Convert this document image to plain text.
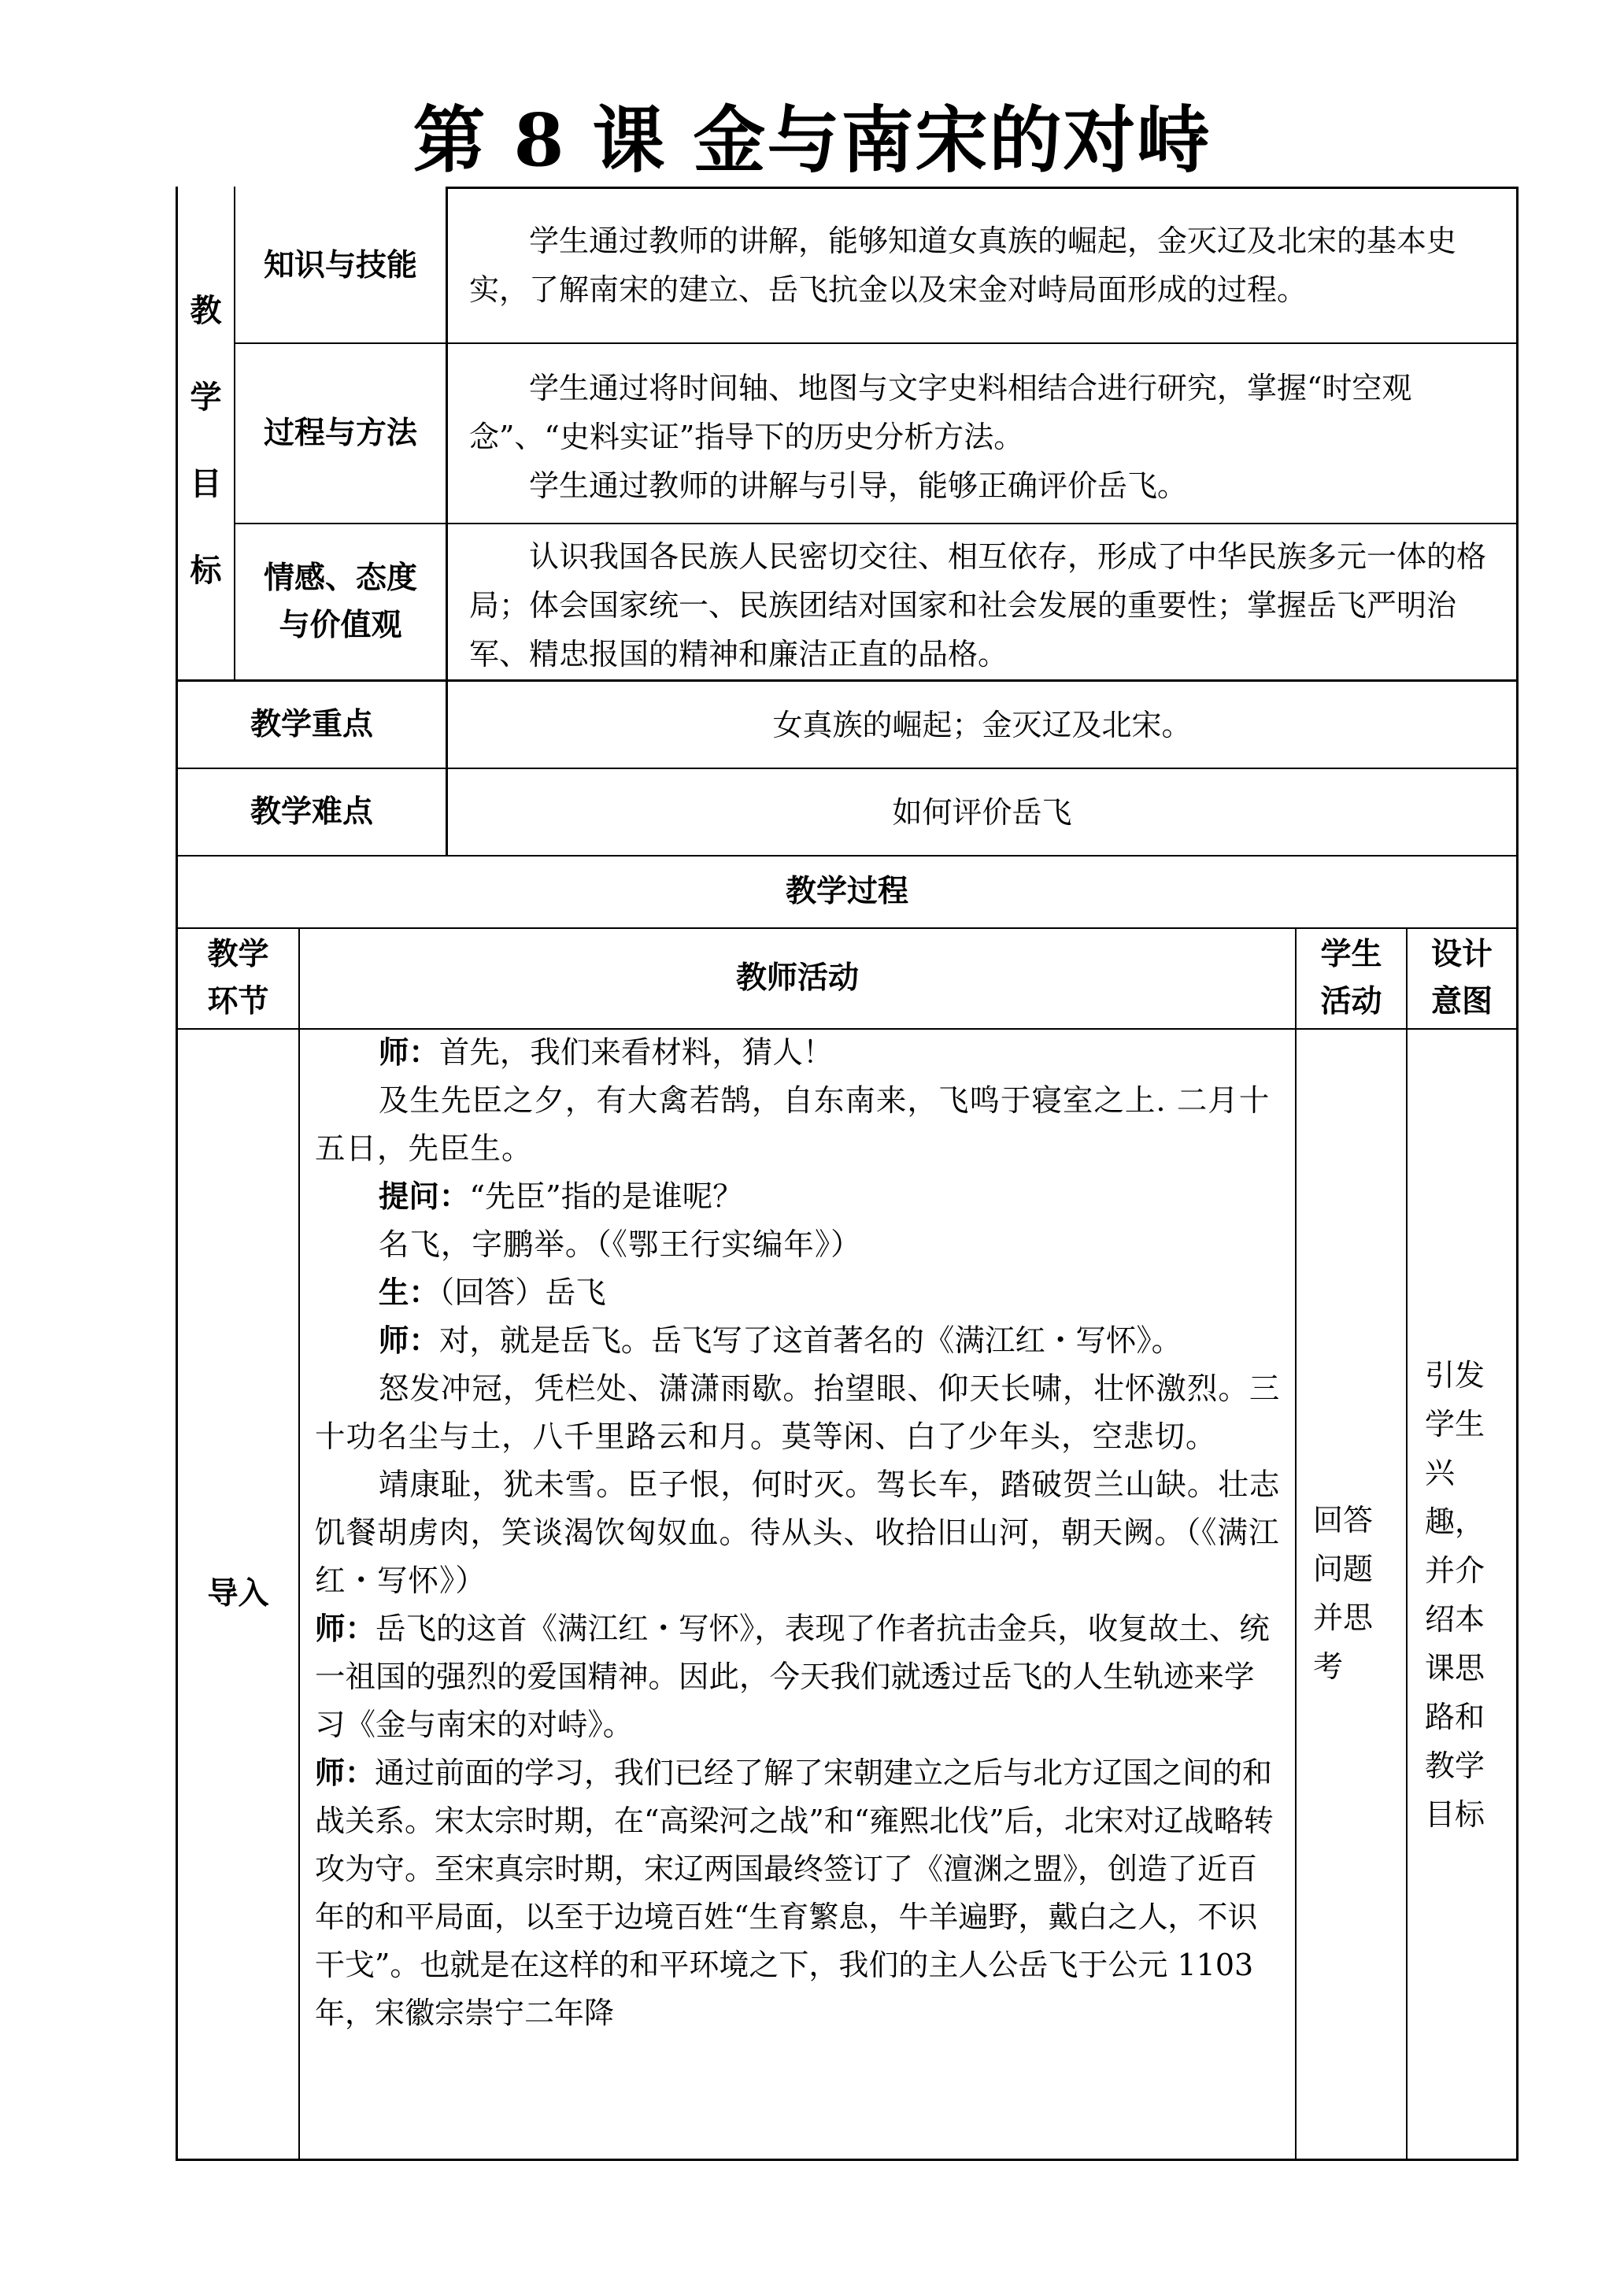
第 8 课 金与南宋的对峙
教
学
目
标
知识与技能

学生通过教师的讲解，能够知道女真族的崛起，金灭辽及北宋的基本史实，了解南宋的建立、岳飞抗金以及宋金对峙局面形成的过程。

过程与方法

学生通过将时间轴、地图与文字史料相结合进行研究，掌握“时空观念”、“史料实证”指导下的历史分析方法。

学生通过教师的讲解与引导，能够正确评价岳飞。

情感、态度
与价值观

认识我国各民族人民密切交往、相互依存，形成了中华民族多元一体的格局；体会国家统一、民族团结对国家和社会发展的重要性；掌握岳飞严明治军、精忠报国的精神和廉洁正直的品格。

教学重点	女真族的崛起；金灭辽及北宋。
教学难点	如何评价岳飞
教学过程
教学
环节
教师活动
学生
活动
设计
意图
导入

师：首先，我们来看材料，猜人！

及生先臣之夕，有大禽若鹄，自东南来，飞鸣于寝室之上. 二月十五日，先臣生。

提问：“先臣”指的是谁呢？

名飞，字鹏举。（《鄂王行实编年》）

生：（回答）岳飞

师：对，就是岳飞。岳飞写了这首著名的《满江红・写怀》。

怒发冲冠，凭栏处、潇潇雨歇。抬望眼、仰天长啸，壮怀激烈。三十功名尘与土，八千里路云和月。莫等闲、白了少年头，空悲切。

靖康耻，犹未雪。臣子恨，何时灭。驾长车，踏破贺兰山缺。壮志饥餐胡虏肉，笑谈渴饮匈奴血。待从头、收拾旧山河，朝天阙。（《满江红・写怀》）

师：岳飞的这首《满江红・写怀》，表现了作者抗击金兵，收复故土、统一祖国的强烈的爱国精神。因此，今天我们就透过岳飞的人生轨迹来学习《金与南宋的对峙》。

师：通过前面的学习，我们已经了解了宋朝建立之后与北方辽国之间的和战关系。宋太宗时期，在“高梁河之战”和“雍熙北伐”后，北宋对辽战略转攻为守。至宋真宗时期，宋辽两国最终签订了《澶渊之盟》，创造了近百年的和平局面，以至于边境百姓“生育繁息，牛羊遍野，戴白之人，不识干戈”。也就是在这样的和平环境之下，我们的主人公岳飞于公元 1103 年，宋徽宗崇宁二年降

回答
问题
并思
考
引发
学生
兴
趣，
并介
绍本
课思
路和
教学
目标
